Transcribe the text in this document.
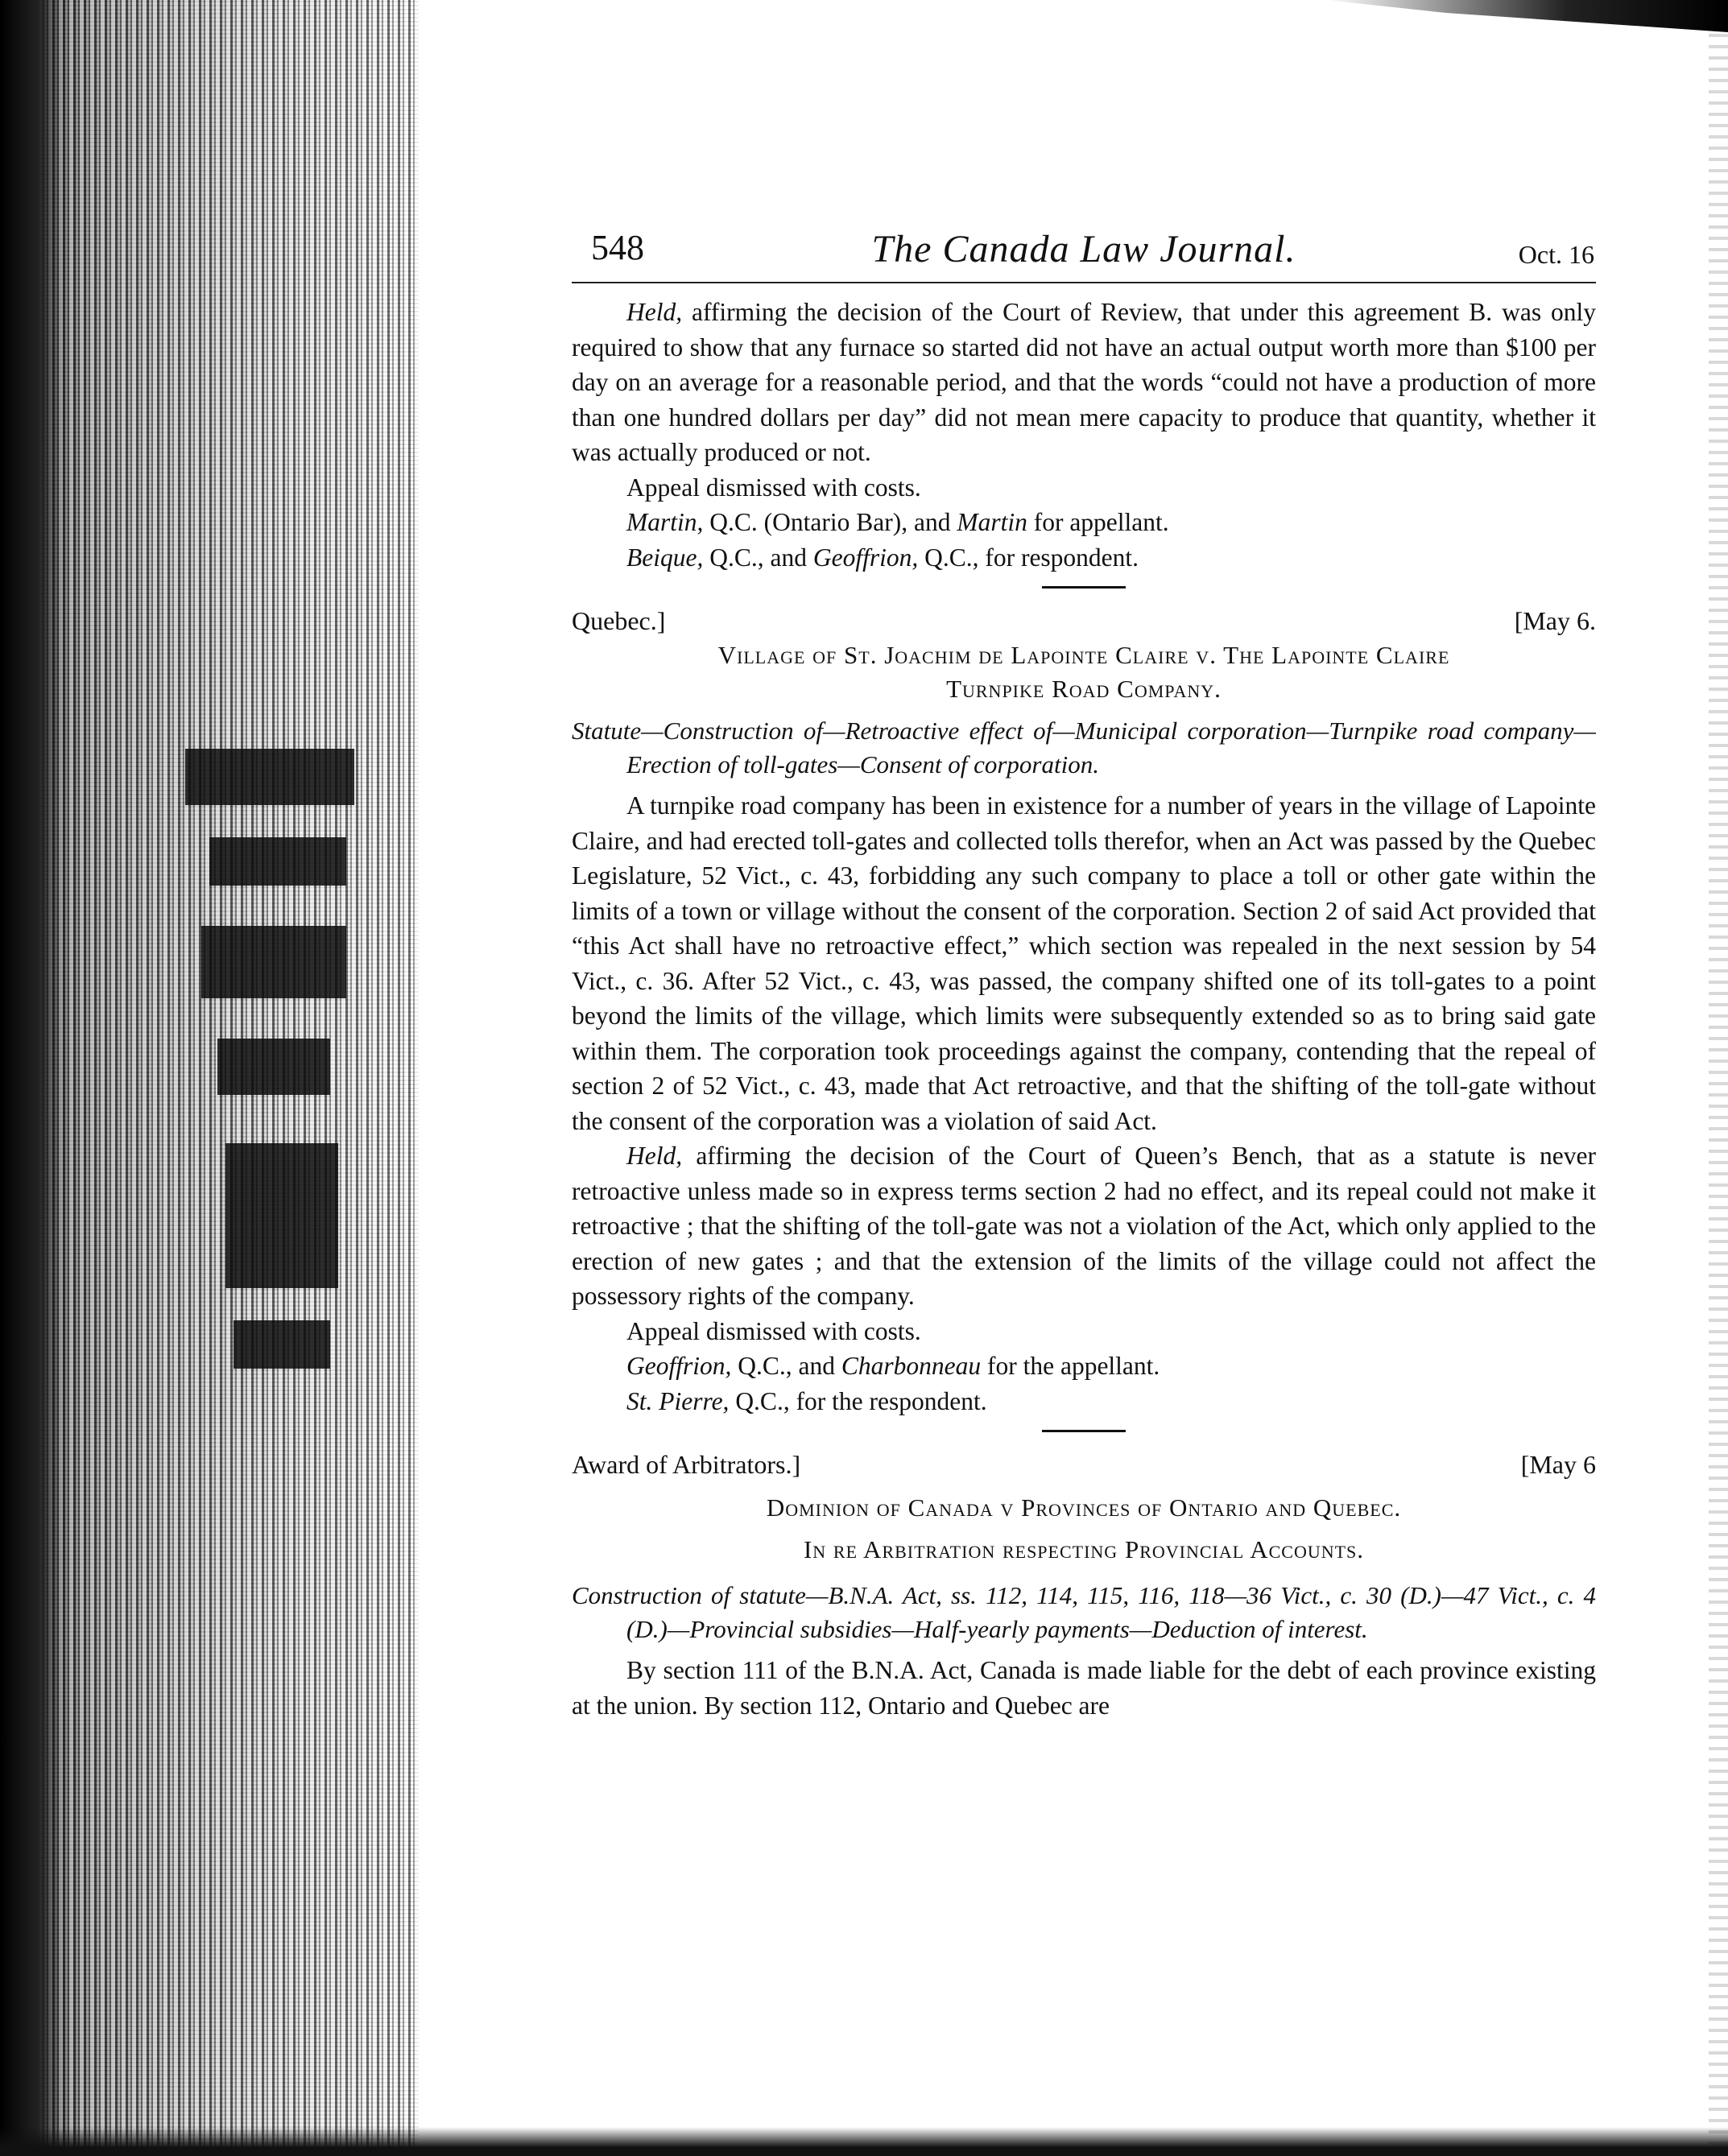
548	The Canada Law Journal.	Oct. 16

Held, affirming the decision of the Court of Review, that under this agreement B. was only required to show that any furnace so started did not have an actual output worth more than $100 per day on an average for a reasonable period, and that the words “could not have a production of more than one hundred dollars per day” did not mean mere capacity to produce that quantity, whether it was actually produced or not.

Appeal dismissed with costs.

Martin, Q.C. (Ontario Bar), and Martin for appellant.

Beique, Q.C., and Geoffrion, Q.C., for respondent.

Quebec.]	[May 6.
Village of St. Joachim de Lapointe Claire v. The Lapointe Claire
Turnpike Road Company.

Statute—Construction of—Retroactive effect of—Municipal corporation—Turnpike road company—Erection of toll-gates—Consent of corporation.

A turnpike road company has been in existence for a number of years in the village of Lapointe Claire, and had erected toll-gates and collected tolls therefor, when an Act was passed by the Quebec Legislature, 52 Vict., c. 43, forbidding any such company to place a toll or other gate within the limits of a town or village without the consent of the corporation. Section 2 of said Act provided that “this Act shall have no retroactive effect,” which section was repealed in the next session by 54 Vict., c. 36. After 52 Vict., c. 43, was passed, the company shifted one of its toll-gates to a point beyond the limits of the village, which limits were subsequently extended so as to bring said gate within them. The corporation took proceedings against the company, contending that the repeal of section 2 of 52 Vict., c. 43, made that Act retroactive, and that the shifting of the toll-gate without the consent of the corporation was a violation of said Act.

Held, affirming the decision of the Court of Queen’s Bench, that as a statute is never retroactive unless made so in express terms section 2 had no effect, and its repeal could not make it retroactive ; that the shifting of the toll-gate was not a violation of the Act, which only applied to the erection of new gates ; and that the extension of the limits of the village could not affect the possessory rights of the company.

Appeal dismissed with costs.

Geoffrion, Q.C., and Charbonneau for the appellant.

St. Pierre, Q.C., for the respondent.

Award of Arbitrators.]	[May 6
Dominion of Canada v Provinces of Ontario and Quebec.
In re Arbitration respecting Provincial Accounts.

Construction of statute—B.N.A. Act, ss. 112, 114, 115, 116, 118—36 Vict., c. 30 (D.)—47 Vict., c. 4 (D.)—Provincial subsidies—Half-yearly payments—Deduction of interest.

By section 111 of the B.N.A. Act, Canada is made liable for the debt of each province existing at the union. By section 112, Ontario and Quebec are
